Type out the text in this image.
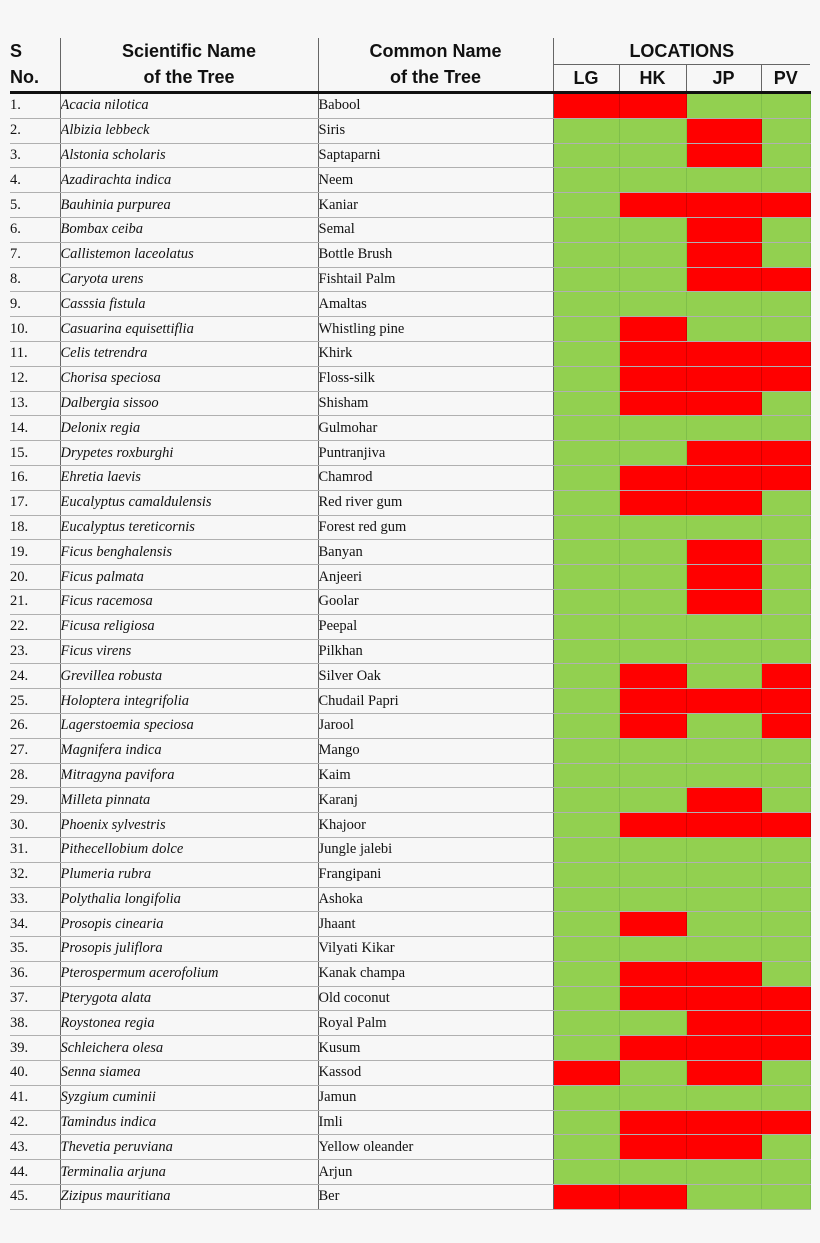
S	Scientific Name	Common Name	LOCATIONS			
No.	of the Tree	of the Tree	LG	HK	JP	PV
1.	Acacia nilotica	Babool				
2.	Albizia lebbeck	Siris				
3.	Alstonia scholaris	Saptaparni				
4.	Azadirachta indica	Neem				
5.	Bauhinia purpurea	Kaniar				
6.	Bombax ceiba	Semal				
7.	Callistemon laceolatus	Bottle Brush				
8.	Caryota urens	Fishtail Palm				
9.	Casssia fistula	Amaltas				
10.	Casuarina equisettiflia	Whistling pine				
11.	Celis tetrendra	Khirk				
12.	Chorisa speciosa	Floss-silk				
13.	Dalbergia sissoo	Shisham				
14.	Delonix regia	Gulmohar				
15.	Drypetes roxburghi	Puntranjiva				
16.	Ehretia laevis	Chamrod				
17.	Eucalyptus camaldulensis	Red river gum				
18.	Eucalyptus tereticornis	Forest red gum				
19.	Ficus benghalensis	Banyan				
20.	Ficus palmata	Anjeeri				
21.	Ficus racemosa	Goolar				
22.	Ficusa religiosa	Peepal				
23.	Ficus virens	Pilkhan				
24.	Grevillea robusta	Silver Oak				
25.	Holoptera integrifolia	Chudail Papri				
26.	Lagerstoemia speciosa	Jarool				
27.	Magnifera indica	Mango				
28.	Mitragyna pavifora	Kaim				
29.	Milleta pinnata	Karanj				
30.	Phoenix sylvestris	Khajoor				
31.	Pithecellobium dolce	Jungle jalebi				
32.	Plumeria rubra	Frangipani				
33.	Polythalia longifolia	Ashoka				
34.	Prosopis cinearia	Jhaant				
35.	Prosopis juliflora	Vilyati Kikar				
36.	Pterospermum acerofolium	Kanak champa				
37.	Pterygota alata	Old coconut				
38.	Roystonea regia	Royal Palm				
39.	Schleichera olesa	Kusum				
40.	Senna siamea	Kassod				
41.	Syzgium cuminii	Jamun				
42.	Tamindus indica	Imli				
43.	Thevetia peruviana	Yellow oleander				
44.	Terminalia arjuna	Arjun				
45.	Zizipus mauritiana	Ber				
